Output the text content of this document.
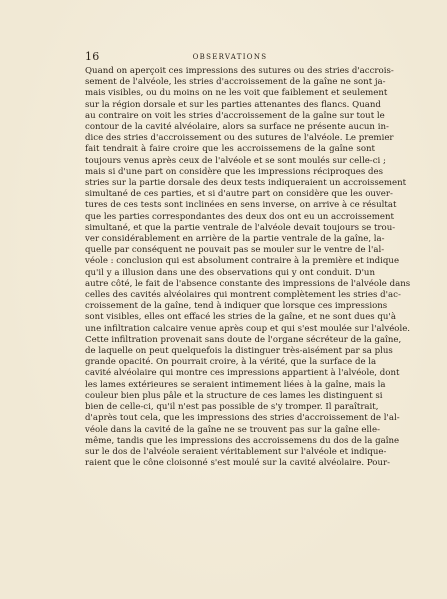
16	OBSERVATIONS
Quand on aperçoit ces impressions des sutures ou des stries d'accrois-
sement de l'alvéole, les stries d'accroissement de la gaîne ne sont ja-
mais visibles, ou du moins on ne les voit que faiblement et seulement
sur la région dorsale et sur les parties attenantes des flancs. Quand
au contraire on voit les stries d'accroissement de la gaîne sur tout le
contour de la cavité alvéolaire, alors sa surface ne présente aucun in-
dice des stries d'accroissement ou des sutures de l'alvéole. Le premier
fait tendrait à faire croire que les accroissemens de la gaîne sont
toujours venus après ceux de l'alvéole et se sont moulés sur celle-ci ;
mais si d'une part on considère que les impressions réciproques des
stries sur la partie dorsale des deux tests indiqueraient un accroissement
simultané de ces parties, et si d'autre part on considère que les ouver-
tures de ces tests sont inclinées en sens inverse, on arrive à ce résultat
que les parties correspondantes des deux dos ont eu un accroissement
simultané, et que la partie ventrale de l'alvéole devait toujours se trou-
ver considérablement en arrière de la partie ventrale de la gaîne, la-
quelle par conséquent ne pouvait pas se mouler sur le ventre de l'al-
véole : conclusion qui est absolument contraire à la première et indique
qu'il y a illusion dans une des observations qui y ont conduit. D'un
autre côté, le fait de l'absence constante des impressions de l'alvéole dans
celles des cavités alvéolaires qui montrent complètement les stries d'ac-
croissement de la gaîne, tend à indiquer que lorsque ces impressions
sont visibles, elles ont effacé les stries de la gaîne, et ne sont dues qu'à
une infiltration calcaire venue après coup et qui s'est moulée sur l'alvéole.
Cette infiltration provenait sans doute de l'organe sécréteur de la gaîne,
de laquelle on peut quelquefois la distinguer très-aisément par sa plus
grande opacité. On pourrait croire, à la vérité, que la surface de la
cavité alvéolaire qui montre ces impressions appartient à l'alvéole, dont
les lames extérieures se seraient intimement liées à la gaîne, mais la
couleur bien plus pâle et la structure de ces lames les distinguent si
bien de celle-ci, qu'il n'est pas possible de s'y tromper. Il paraîtrait,
d'après tout cela, que les impressions des stries d'accroissement de l'al-
véole dans la cavité de la gaîne ne se trouvent pas sur la gaîne elle-
même, tandis que les impressions des accroissemens du dos de la gaîne
sur le dos de l'alvéole seraient véritablement sur l'alvéole et indique-
raient que le cône cloisonné s'est moulé sur la cavité alvéolaire. Pour-
